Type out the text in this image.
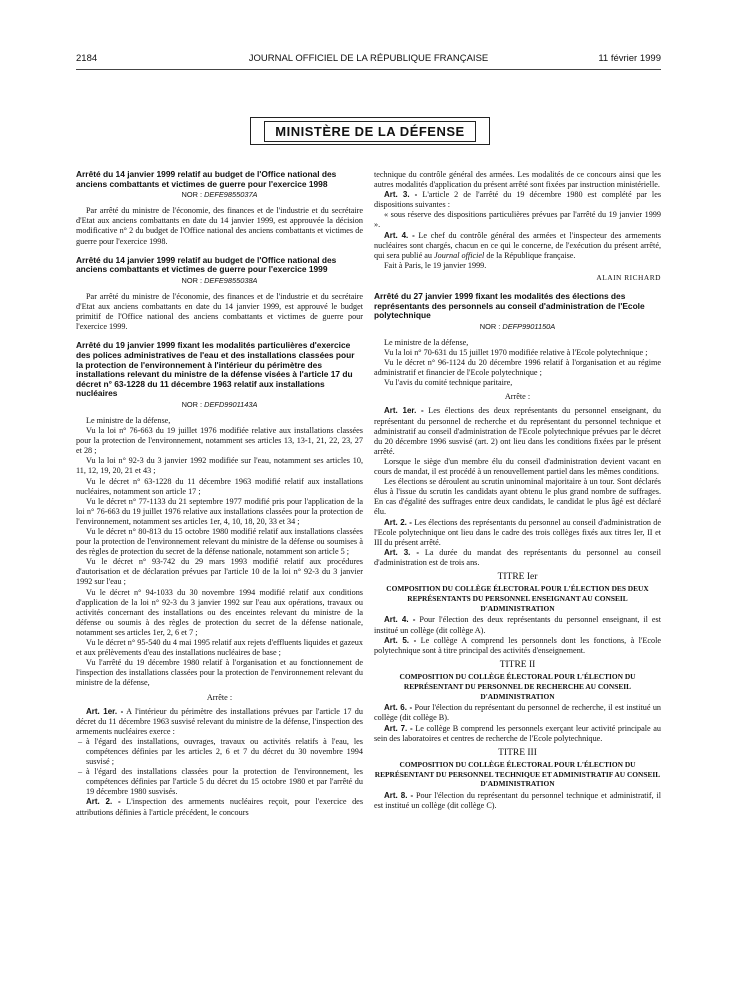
2184	JOURNAL OFFICIEL DE LA RÉPUBLIQUE FRANÇAISE	11 février 1999
MINISTÈRE DE LA DÉFENSE
Arrêté du 14 janvier 1999 relatif au budget de l'Office national des anciens combattants et victimes de guerre pour l'exercice 1998
NOR : DEFE9855037A

Par arrêté du ministre de l'économie, des finances et de l'industrie et du secrétaire d'Etat aux anciens combattants en date du 14 janvier 1999, est approuvée la décision modificative n° 2 du budget de l'Office national des anciens combattants et victimes de guerre pour l'exercice 1998.

Arrêté du 14 janvier 1999 relatif au budget de l'Office national des anciens combattants et victimes de guerre pour l'exercice 1999
NOR : DEFE9855038A

Par arrêté du ministre de l'économie, des finances et de l'industrie et du secrétaire d'Etat aux anciens combattants en date du 14 janvier 1999, est approuvé le budget primitif de l'Office national des anciens combattants et victimes de guerre pour l'exercice 1999.

Arrêté du 19 janvier 1999 fixant les modalités particulières d'exercice des polices administratives de l'eau et des installations classées pour la protection de l'environnement à l'intérieur du périmètre des installations relevant du ministre de la défense visées à l'article 17 du décret n° 63-1228 du 11 décembre 1963 relatif aux installations nucléaires
NOR : DEFD9901143A

Le ministre de la défense,

Vu la loi n° 76-663 du 19 juillet 1976 modifiée relative aux installations classées pour la protection de l'environnement, notamment ses articles 13, 13-1, 21, 22, 23, 27 et 28 ;

Vu la loi n° 92-3 du 3 janvier 1992 modifiée sur l'eau, notamment ses articles 10, 11, 12, 19, 20, 21 et 43 ;

Vu le décret n° 63-1228 du 11 décembre 1963 modifié relatif aux installations nucléaires, notamment son article 17 ;

Vu le décret n° 77-1133 du 21 septembre 1977 modifié pris pour l'application de la loi n° 76-663 du 19 juillet 1976 relative aux installations classées pour la protection de l'environnement, notamment ses articles 1er, 4, 10, 18, 20, 33 et 34 ;

Vu le décret n° 80-813 du 15 octobre 1980 modifié relatif aux installations classées pour la protection de l'environnement relevant du ministre de la défense ou soumises à des règles de protection du secret de la défense nationale, notamment son article 5 ;

Vu le décret n° 93-742 du 29 mars 1993 modifié relatif aux procédures d'autorisation et de déclaration prévues par l'article 10 de la loi n° 92-3 du 3 janvier 1992 sur l'eau ;

Vu le décret n° 94-1033 du 30 novembre 1994 modifié relatif aux conditions d'application de la loi n° 92-3 du 3 janvier 1992 sur l'eau aux opérations, travaux ou activités concernant des installations ou des enceintes relevant du ministre de la défense ou soumis à des règles de protection du secret de la défense nationale, notamment ses articles 1er, 2, 6 et 7 ;

Vu le décret n° 95-540 du 4 mai 1995 relatif aux rejets d'effluents liquides et gazeux et aux prélèvements d'eau des installations nucléaires de base ;

Vu l'arrêté du 19 décembre 1980 relatif à l'organisation et au fonctionnement de l'inspection des installations classées pour la protection de l'environnement relevant du ministre de la défense,

Arrête :

Art. 1er. - A l'intérieur du périmètre des installations prévues par l'article 17 du décret du 11 décembre 1963 susvisé relevant du ministre de la défense, l'inspection des armements nucléaires exerce :

– à l'égard des installations, ouvrages, travaux ou activités relatifs à l'eau, les compétences définies par les articles 2, 6 et 7 du décret du 30 novembre 1994 susvisé ;
– à l'égard des installations classées pour la protection de l'environnement, les compétences définies par l'article 5 du décret du 15 octobre 1980 et par l'arrêté du 19 décembre 1980 susvisés.

Art. 2. - L'inspection des armements nucléaires reçoit, pour l'exercice des attributions définies à l'article précédent, le concours

technique du contrôle général des armées. Les modalités de ce concours ainsi que les autres modalités d'application du présent arrêté sont fixées par instruction ministérielle.

Art. 3. - L'article 2 de l'arrêté du 19 décembre 1980 est complété par les dispositions suivantes :

« sous réserve des dispositions particulières prévues par l'arrêté du 19 janvier 1999 ».

Art. 4. - Le chef du contrôle général des armées et l'inspecteur des armements nucléaires sont chargés, chacun en ce qui le concerne, de l'exécution du présent arrêté, qui sera publié au Journal officiel de la République française.

Fait à Paris, le 19 janvier 1999.

ALAIN RICHARD
Arrêté du 27 janvier 1999 fixant les modalités des élections des représentants des personnels au conseil d'administration de l'Ecole polytechnique
NOR : DEFP9901150A

Le ministre de la défense,

Vu la loi n° 70-631 du 15 juillet 1970 modifiée relative à l'Ecole polytechnique ;

Vu le décret n° 96-1124 du 20 décembre 1996 relatif à l'organisation et au régime administratif et financier de l'Ecole polytechnique ;

Vu l'avis du comité technique paritaire,

Arrête :

Art. 1er. - Les élections des deux représentants du personnel enseignant, du représentant du personnel de recherche et du représentant du personnel technique et administratif au conseil d'administration de l'Ecole polytechnique prévues par le décret du 20 décembre 1996 susvisé (art. 2) ont lieu dans les conditions fixées par le présent arrêté.

Lorsque le siège d'un membre élu du conseil d'administration devient vacant en cours de mandat, il est procédé à un renouvellement partiel dans les mêmes conditions.

Les élections se déroulent au scrutin uninominal majoritaire à un tour. Sont déclarés élus à l'issue du scrutin les candidats ayant obtenu le plus grand nombre de suffrages. En cas d'égalité des suffrages entre deux candidats, le candidat le plus âgé est déclaré élu.

Art. 2. - Les élections des représentants du personnel au conseil d'administration de l'Ecole polytechnique ont lieu dans le cadre des trois collèges fixés aux titres Ier, II et III du présent arrêté.

Art. 3. - La durée du mandat des représentants du personnel au conseil d'administration est de trois ans.

TITRE Ier
COMPOSITION DU COLLÈGE ÉLECTORAL POUR L'ÉLECTION DES DEUX REPRÉSENTANTS DU PERSONNEL ENSEIGNANT AU CONSEIL D'ADMINISTRATION

Art. 4. - Pour l'élection des deux représentants du personnel enseignant, il est institué un collège (dit collège A).

Art. 5. - Le collège A comprend les personnels dont les fonctions, à l'Ecole polytechnique sont à titre principal des activités d'enseignement.

TITRE II
COMPOSITION DU COLLÈGE ÉLECTORAL POUR L'ÉLECTION DU REPRÉSENTANT DU PERSONNEL DE RECHERCHE AU CONSEIL D'ADMINISTRATION

Art. 6. - Pour l'élection du représentant du personnel de recherche, il est institué un collège (dit collège B).

Art. 7. - Le collège B comprend les personnels exerçant leur activité principale au sein des laboratoires et centres de recherche de l'Ecole polytechnique.

TITRE III
COMPOSITION DU COLLÈGE ÉLECTORAL POUR L'ÉLECTION DU REPRÉSENTANT DU PERSONNEL TECHNIQUE ET ADMINISTRATIF AU CONSEIL D'ADMINISTRATION

Art. 8. - Pour l'élection du représentant du personnel technique et administratif, il est institué un collège (dit collège C).
